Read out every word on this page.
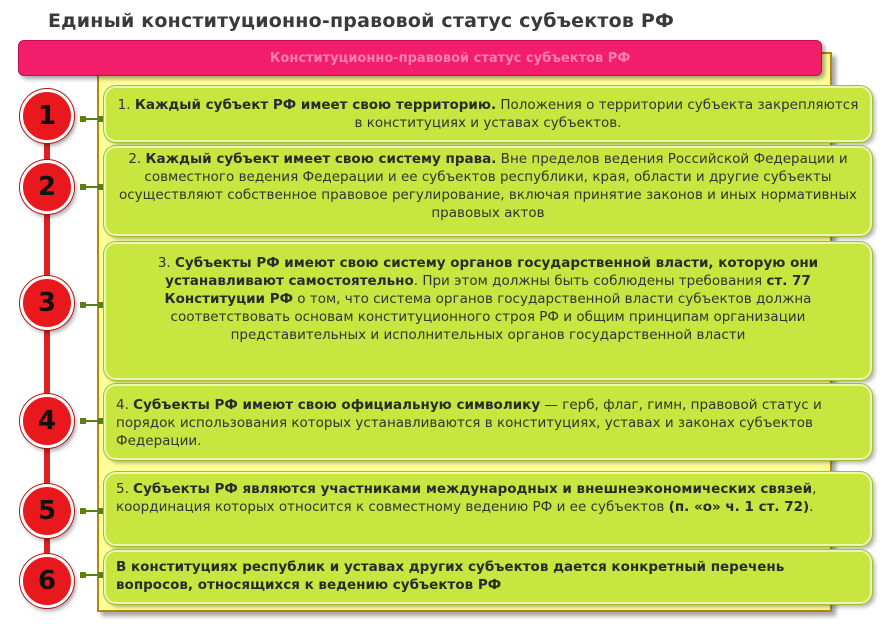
Единый конституционно-правовой статус субъектов РФ
Конституционно-правовой статус субъектов РФ
1
2
3
4
5
6
1. Каждый субъект РФ имеет свою территорию. Положения о территории субъекта закрепляются в конституциях и уставах субъектов.
2. Каждый субъект имеет свою систему права. Вне пределов ведения Российской Федерации и совместного ведения Федерации и ее субъектов республики, края, области и другие субъекты осуществляют собственное правовое регулирование, включая принятие законов и иных нормативных правовых актов
3. Субъекты РФ имеют свою систему органов государственной власти, которую они устанавливают самостоятельно. При этом должны быть соблюдены требования ст. 77 Конституции РФ о том, что система органов государственной власти субъектов должна соответствовать основам конституционного строя РФ и общим принципам организации представительных и исполнительных органов государственной власти
4. Субъекты РФ имеют свою официальную символику — герб, флаг, гимн, правовой статус и порядок использования которых устанавливаются в конституциях, уставах и законах субъектов Федерации.
5. Субъекты РФ являются участниками международных и внешнеэкономических связей, координация которых относится к совместному ведению РФ и ее субъектов (п. «о» ч. 1 ст. 72).
В конституциях республик и уставах других субъектов дается конкретный перечень вопросов, относящихся к ведению субъектов РФ
